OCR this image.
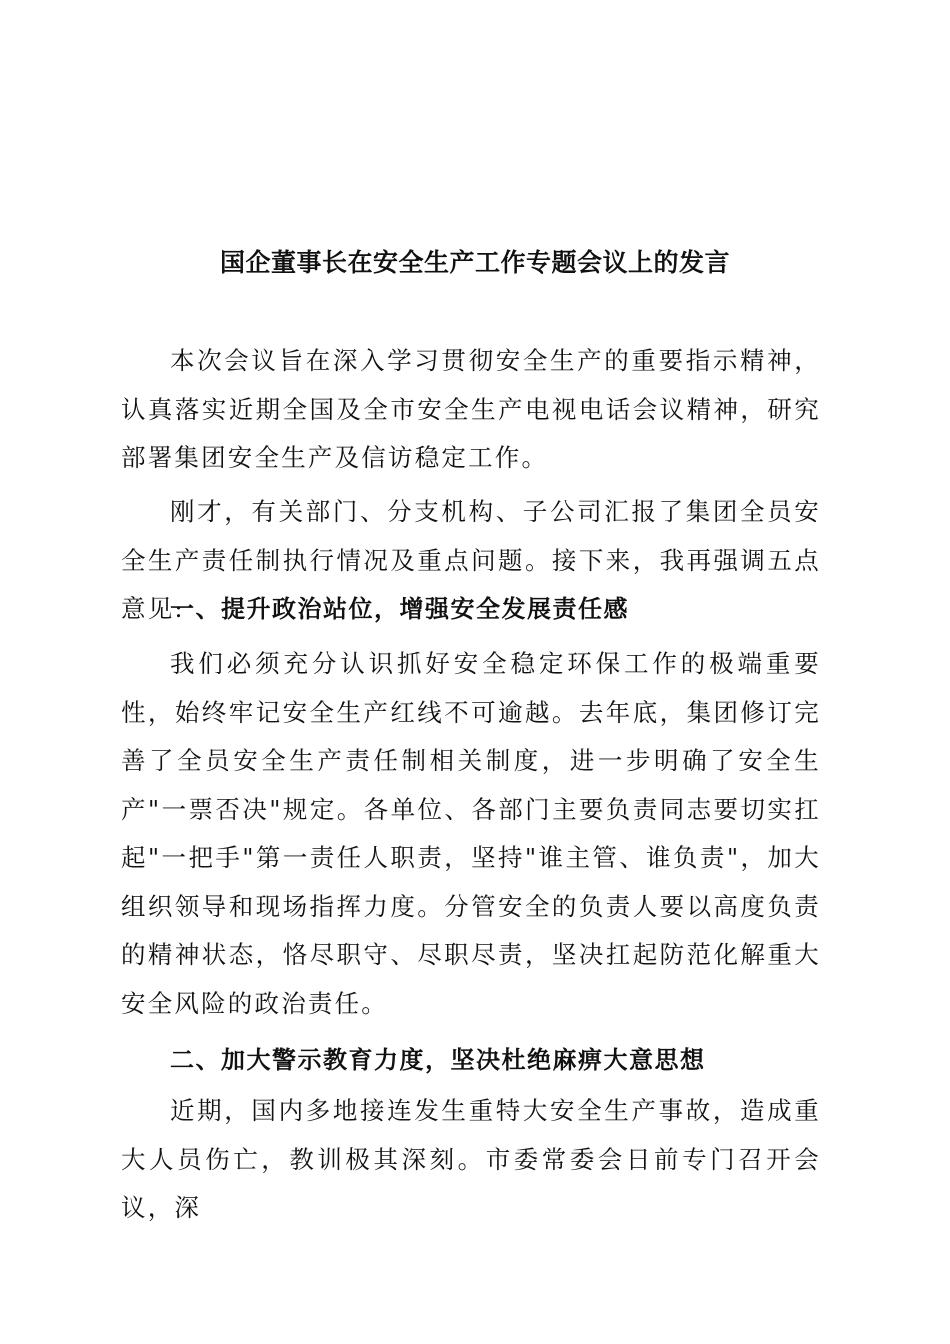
国企董事长在安全生产工作专题会议上的发言

本次会议旨在深入学习贯彻安全生产的重要指示精神，认真落实近期全国及全市安全生产电视电话会议精神，研究部署集团安全生产及信访稳定工作。

刚才，有关部门、分支机构、子公司汇报了集团全员安全生产责任制执行情况及重点问题。接下来，我再强调五点意见:

一、提升政治站位，增强安全发展责任感

我们必须充分认识抓好安全稳定环保工作的极端重要性，始终牢记安全生产红线不可逾越。去年底，集团修订完善了全员安全生产责任制相关制度，进一步明确了安全生产"一票否决"规定。各单位、各部门主要负责同志要切实扛起"一把手"第一责任人职责，坚持"谁主管、谁负责"，加大组织领导和现场指挥力度。分管安全的负责人要以高度负责的精神状态，恪尽职守、尽职尽责，坚决扛起防范化解重大安全风险的政治责任。

二、加大警示教育力度，坚决杜绝麻痹大意思想

近期，国内多地接连发生重特大安全生产事故，造成重大人员伤亡，教训极其深刻。市委常委会日前专门召开会议，深
